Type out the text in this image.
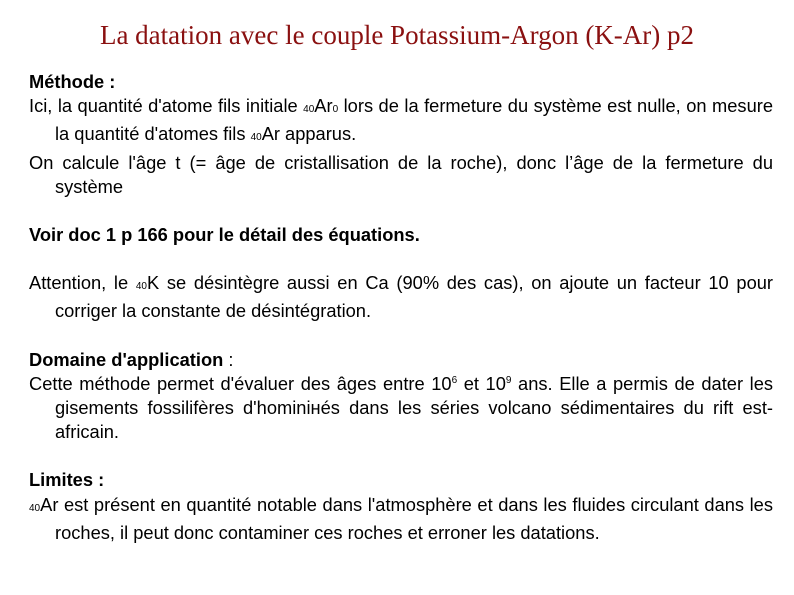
La datation avec le couple Potassium-Argon (K-Ar) p2

Méthode :

Ici, la quantité d'atome fils initiale 40Ar0 lors de la fermeture du système est nulle, on mesure la quantité d'atomes fils 40Ar apparus.

On calcule l'âge t (= âge de cristallisation de la roche), donc l’âge de la fermeture du système

Voir doc 1 p 166 pour le détail des équations.

Attention, le 40K se désintègre aussi en Ca (90% des cas), on ajoute un facteur 10 pour corriger la constante de désintégration.

Domaine d'application :

Cette méthode permet d'évaluer des âges entre $10^6$ et $10^9$ ans. Elle a permis de dater les gisements fossilifères d'hominінés dans les séries volcano sédimentaires du rift est-africain.

Limites :

40Ar est présent en quantité notable dans l'atmosphère et dans les fluides circulant dans les roches, il peut donc contaminer ces roches et erroner les datations.
